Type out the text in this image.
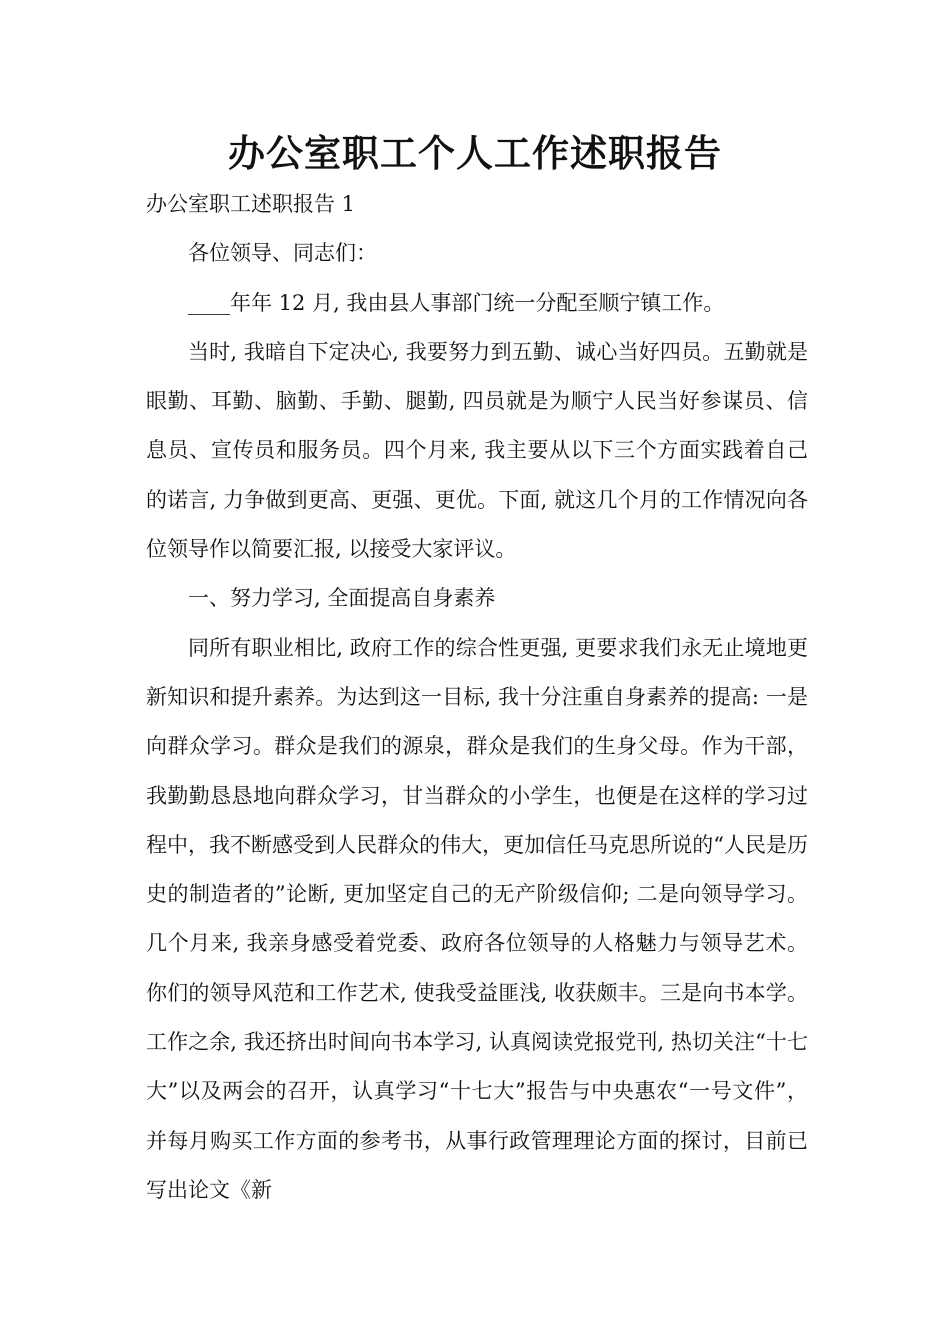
办公室职工个人工作述职报告

办公室职工述职报告 1

各位领导、同志们：

____年年 12 月, 我由县人事部门统一分配至顺宁镇工作。

当时, 我暗自下定决心, 我要努力到五勤、诚心当好四员。五勤就是眼勤、耳勤、脑勤、手勤、腿勤, 四员就是为顺宁人民当好参谋员、信息员、宣传员和服务员。四个月来, 我主要从以下三个方面实践着自己的诺言, 力争做到更高、更强、更优。下面, 就这几个月的工作情况向各位领导作以简要汇报, 以接受大家评议。

一、努力学习, 全面提高自身素养

同所有职业相比, 政府工作的综合性更强, 更要求我们永无止境地更新知识和提升素养。为达到这一目标, 我十分注重自身素养的提高: 一是向群众学习。群众是我们的源泉，群众是我们的生身父母。作为干部，我勤勤恳恳地向群众学习，甘当群众的小学生，也便是在这样的学习过程中，我不断感受到人民群众的伟大，更加信任马克思所说的“人民是历史的制造者的”论断, 更加坚定自己的无产阶级信仰; 二是向领导学习。几个月来, 我亲身感受着党委、政府各位领导的人格魅力与领导艺术。你们的领导风范和工作艺术, 使我受益匪浅, 收获颇丰。三是向书本学。工作之余, 我还挤出时间向书本学习, 认真阅读党报党刊, 热切关注“十七大”以及两会的召开，认真学习“十七大”报告与中央惠农“一号文件”，并每月购买工作方面的参考书，从事行政管理理论方面的探讨，目前已写出论文《新
